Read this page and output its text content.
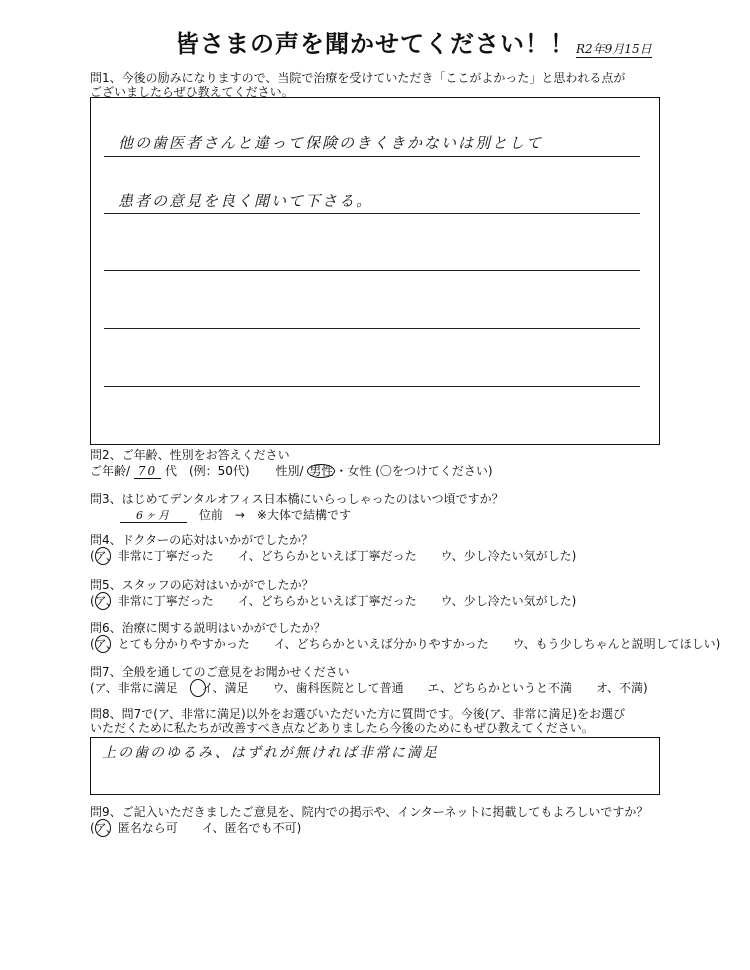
皆さまの声を聞かせてください！！ R2年9月15日
問1、今後の励みになりますので、当院で治療を受けていただき「ここがよかった」と思われる点が
ございましたらぜひ教えてください。
他の歯医者さんと違って保険のきくきかないは別として
患者の意見を良く聞いて下さる。
問2、ご年齢、性別をお答えください
ご年齢/ 70 代　(例：50代) 性別/ 男性 ・女性 (〇をつけてください)
問3、はじめてデンタルオフィス日本橋にいらっしゃったのはいつ頃ですか？
6ヶ月 位前　→　※大体で結構です
問4、ドクターの応対はいかがでしたか？
(ア、非常に丁寧だった　　イ、どちらかといえば丁寧だった　　ウ、少し冷たい気がした)
問5、スタッフの応対はいかがでしたか？
(ア、非常に丁寧だった　　イ、どちらかといえば丁寧だった　　ウ、少し冷たい気がした)
問6、治療に関する説明はいかがでしたか？
(ア、とても分かりやすかった　　イ、どちらかといえば分かりやすかった　　ウ、もう少しちゃんと説明してほしい)
問7、全般を通してのご意見をお聞かせください
(ア、非常に満足　　イ、満足　　ウ、歯科医院として普通　　エ、どちらかというと不満　　オ、不満)
問8、問7で(ア、非常に満足)以外をお選びいただいた方に質問です。今後(ア、非常に満足)をお選び
いただくために私たちが改善すべき点などありましたら今後のためにもぜひ教えてください。
上の歯のゆるみ、はずれが無ければ非常に満足
問9、ご記入いただきましたご意見を、院内での掲示や、インターネットに掲載してもよろしいですか？
(ア、匿名なら可　　イ、匿名でも不可)
